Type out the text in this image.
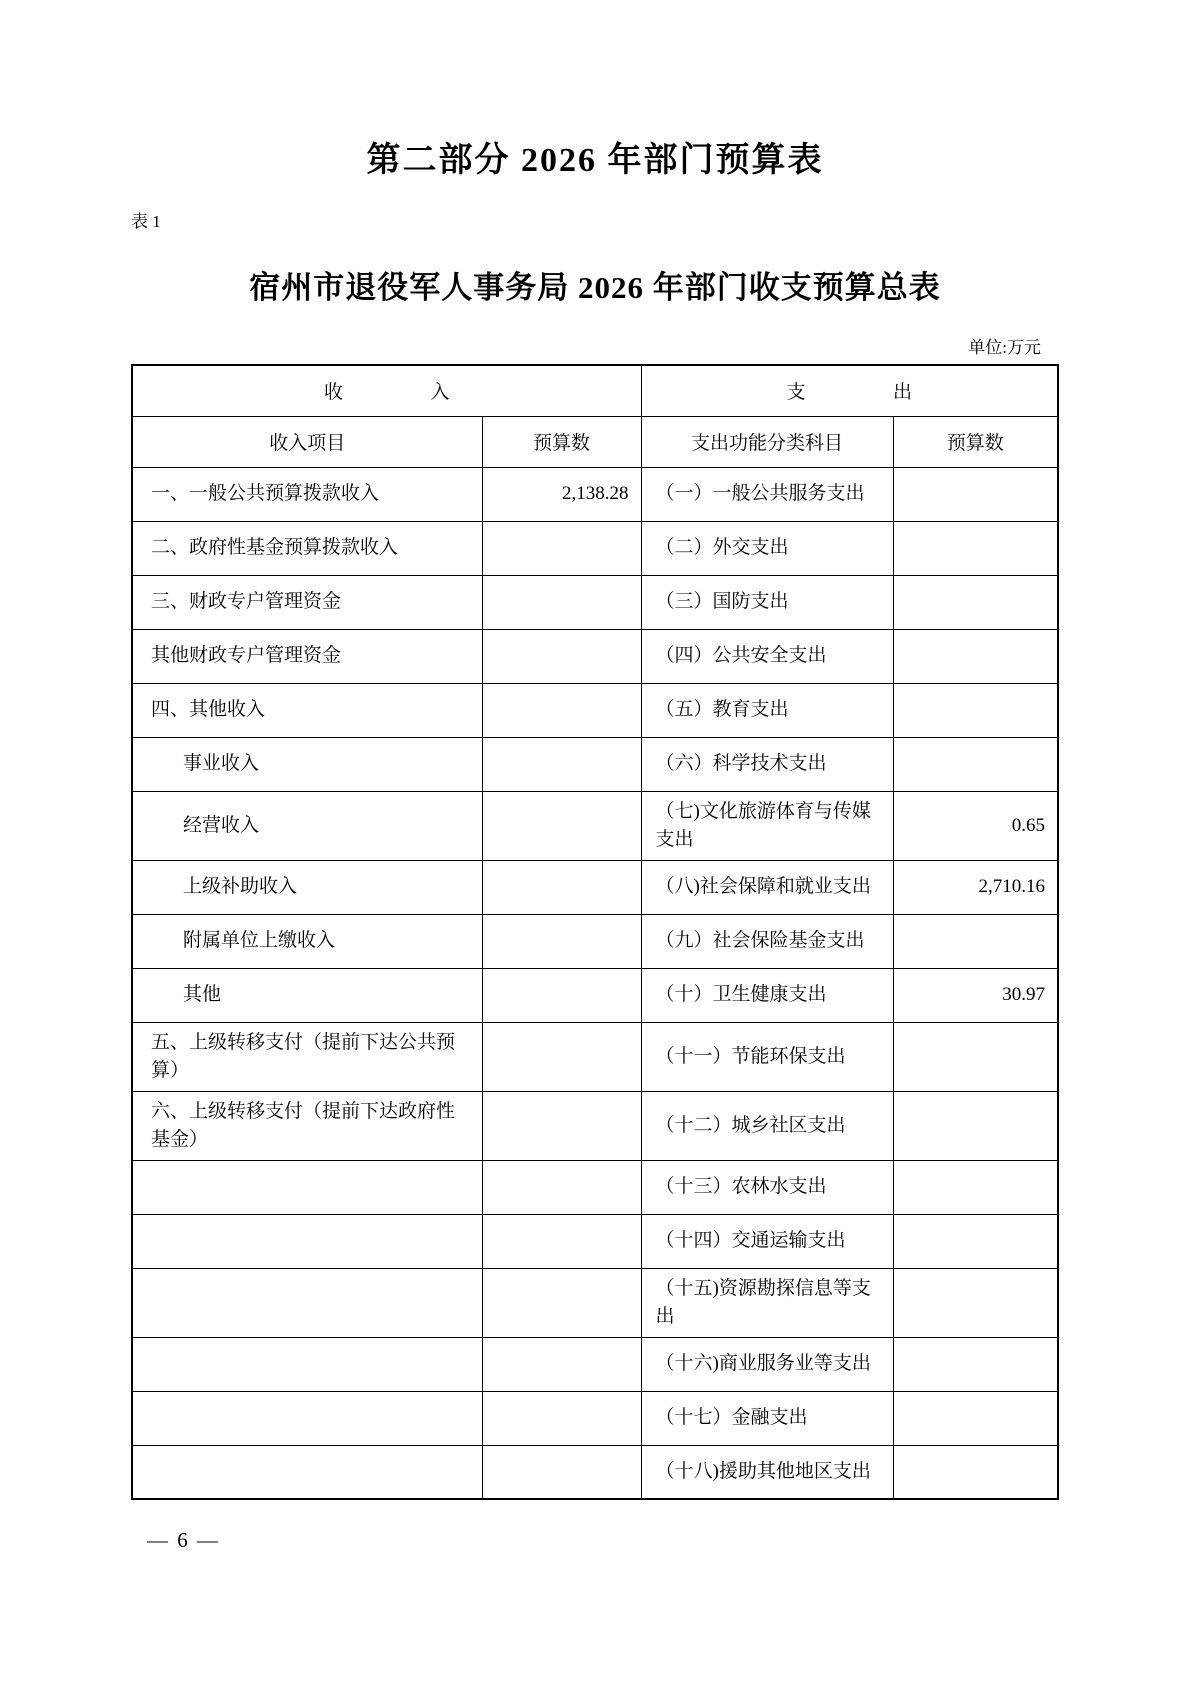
第二部分 2026 年部门预算表
表 1
宿州市退役军人事务局 2026 年部门收支预算总表
单位:万元
收入		支出	
收入项目	预算数	支出功能分类科目	预算数
一、一般公共预算拨款收入	2,138.28	（一）一般公共服务支出	
二、政府性基金预算拨款收入		（二）外交支出	
三、财政专户管理资金		（三）国防支出	
其他财政专户管理资金		（四）公共安全支出	
四、其他收入		（五）教育支出	
事业收入		（六）科学技术支出	
经营收入		（七)文化旅游体育与传媒支出	0.65
上级补助收入		（八)社会保障和就业支出	2,710.16
附属单位上缴收入		（九）社会保险基金支出	
其他		（十）卫生健康支出	30.97
五、上级转移支付（提前下达公共预算）		（十一）节能环保支出	
六、上级转移支付（提前下达政府性基金）		（十二）城乡社区支出	
		（十三）农林水支出	
		（十四）交通运输支出	
		（十五)资源勘探信息等支出	
		（十六)商业服务业等支出	
		（十七）金融支出	
		（十八)援助其他地区支出	
— 6 —
